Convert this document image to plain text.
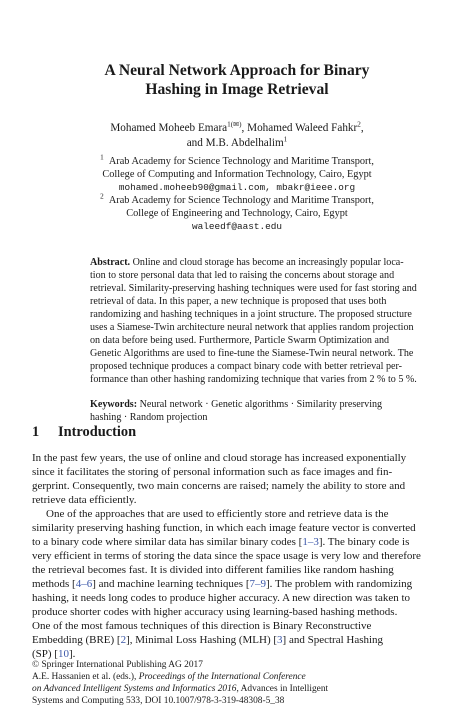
A Neural Network Approach for Binary
Hashing in Image Retrieval
Mohamed Moheeb Emara$^{1(✉)}$, Mohamed Waleed Fahkr$^2$,
and M.B. Abdelhalim$^1$
$^1$ Arab Academy for Science Technology and Maritime Transport,
College of Computing and Information Technology, Cairo, Egypt
mohamed.moheeb90@gmail.com, mbakr@ieee.org
$^2$ Arab Academy for Science Technology and Maritime Transport,
College of Engineering and Technology, Cairo, Egypt
waleedf@aast.edu
Abstract. Online and cloud storage has become an increasingly popular loca-
tion to store personal data that led to raising the concerns about storage and
retrieval. Similarity-preserving hashing techniques were used for fast storing and
retrieval of data. In this paper, a new technique is proposed that uses both
randomizing and hashing techniques in a joint structure. The proposed structure
uses a Siamese-Twin architecture neural network that applies random projection
on data before being used. Furthermore, Particle Swarm Optimization and
Genetic Algorithms are used to fine-tune the Siamese-Twin neural network. The
proposed technique produces a compact binary code with better retrieval per-
formance than other hashing randomizing technique that varies from 2 % to 5 %.
Keywords: Neural network · Genetic algorithms · Similarity preserving
hashing · Random projection
1 Introduction
In the past few years, the use of online and cloud storage has increased exponentially
since it facilitates the storing of personal information such as face images and fin-
gerprint. Consequently, two main concerns are raised; namely the ability to store and
retrieve data efficiently.
One of the approaches that are used to efficiently store and retrieve data is the
similarity preserving hashing function, in which each image feature vector is converted
to a binary code where similar data has similar binary codes [1–3]. The binary code is
very efficient in terms of storing the data since the space usage is very low and therefore
the retrieval becomes fast. It is divided into different families like random hashing
methods [4–6] and machine learning techniques [7–9]. The problem with randomizing
hashing, it needs long codes to produce higher accuracy. A new direction was taken to
produce shorter codes with higher accuracy using learning-based hashing methods.
One of the most famous techniques of this direction is Binary Reconstructive
Embedding (BRE) [2], Minimal Loss Hashing (MLH) [3] and Spectral Hashing
(SP) [10].
© Springer International Publishing AG 2017
A.E. Hassanien et al. (eds.), Proceedings of the International Conference
on Advanced Intelligent Systems and Informatics 2016, Advances in Intelligent
Systems and Computing 533, DOI 10.1007/978-3-319-48308-5_38
